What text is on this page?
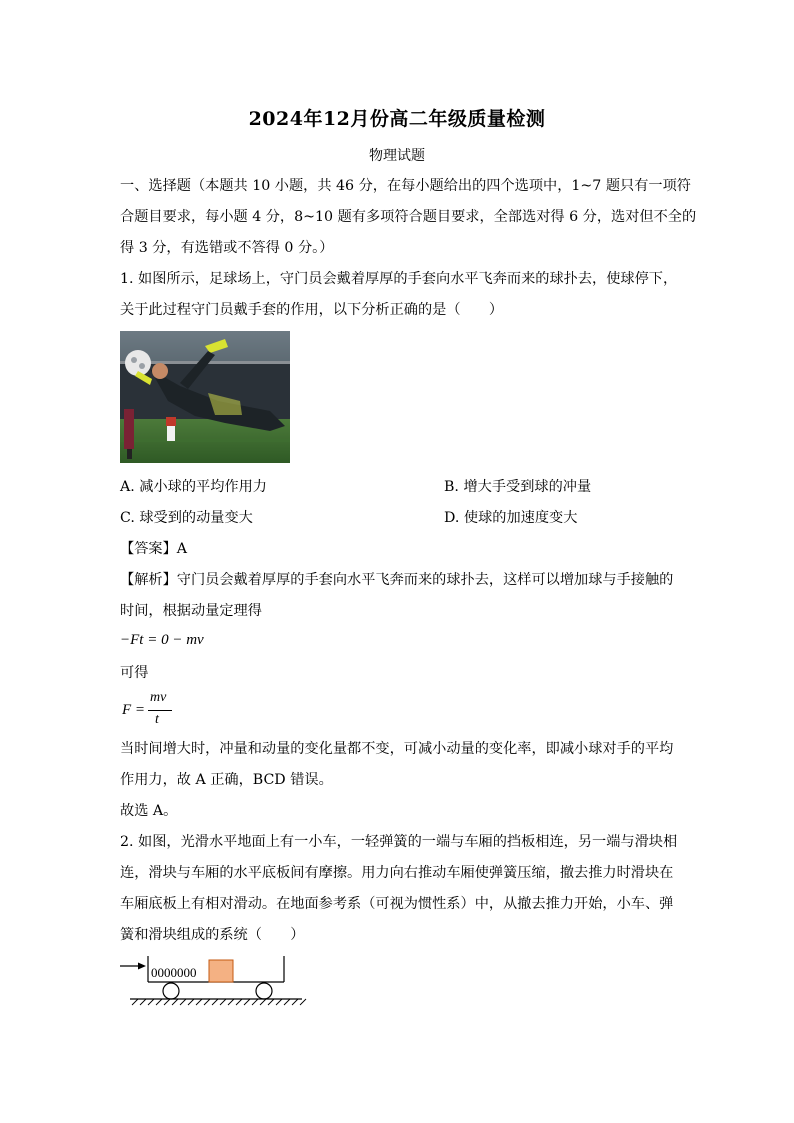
2024年12月份高二年级质量检测
物理试题
一、选择题（本题共 10 小题，共 46 分，在每小题给出的四个选项中，1~7 题只有一项符
合题目要求，每小题 4 分，8~10 题有多项符合题目要求，全部选对得 6 分，选对但不全的
得 3 分，有选错或不答得 0 分。）
1. 如图所示，足球场上，守门员会戴着厚厚的手套向水平飞奔而来的球扑去，使球停下，
关于此过程守门员戴手套的作用，以下分析正确的是（　　）
A. 减小球的平均作用力	B. 增大手受到球的冲量
C. 球受到的动量变大	D. 使球的加速度变大
【答案】A
【解析】守门员会戴着厚厚的手套向水平飞奔而来的球扑去，这样可以增加球与手接触的
时间，根据动量定理得
−Ft = 0 − mv
可得
F =
mv
t
当时间增大时，冲量和动量的变化量都不变，可减小动量的变化率，即减小球对手的平均
作用力，故 A 正确，BCD 错误。
故选 A。
2. 如图，光滑水平地面上有一小车，一轻弹簧的一端与车厢的挡板相连，另一端与滑块相
连，滑块与车厢的水平底板间有摩擦。用力向右推动车厢使弹簧压缩，撤去推力时滑块在
车厢底板上有相对滑动。在地面参考系（可视为惯性系）中，从撤去推力开始，小车、弹
簧和滑块组成的系统（　　）
0000000
